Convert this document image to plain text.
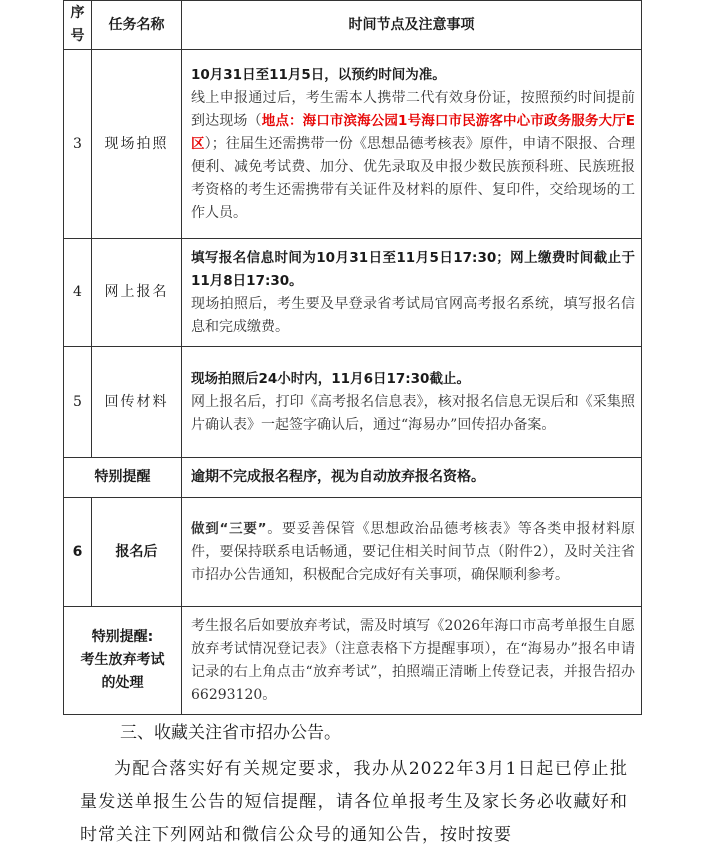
序号	任务名称	时间节点及注意事项
3	现场拍照	10月31日至11月5日，以预约时间为准。
线上申报通过后，考生需本人携带二代有效身份证，按照预约时间提前到达现场（地点：海口市滨海公园1号海口市民游客中心市政务服务大厅E区）；往届生还需携带一份《思想品德考核表》原件，申请不限报、合理便利、减免考试费、加分、优先录取及申报少数民族预科班、民族班报考资格的考生还需携带有关证件及材料的原件、复印件，交给现场的工作人员。

4	网上报名	填写报名信息时间为10月31日至11月5日17:30；网上缴费时间截止于11月8日17:30。
现场拍照后，考生要及早登录省考试局官网高考报名系统，填写报名信息和完成缴费。

5	回传材料	现场拍照后24小时内，11月6日17:30截止。
网上报名后，打印《高考报名信息表》，核对报名信息无误后和《采集照片确认表》一起签字确认后，通过“海易办”回传招办备案。

特别提醒		逾期不完成报名程序，视为自动放弃报名资格。
6	报名后	做到“三要”。要妥善保管《思想政治品德考核表》等各类申报材料原件，要保持联系电话畅通，要记住相关时间节点（附件2），及时关注省市招办公告通知，积极配合完成好有关事项，确保顺利参考。

特别提醒:
考生放弃考试
的处理		考生报名后如要放弃考试，需及时填写《2026年海口市高考单报生自愿放弃考试情况登记表》（注意表格下方提醒事项），在“海易办”报名申请记录的右上角点击“放弃考试”，拍照端正清晰上传登记表，并报告招办66293120。
三、收藏关注省市招办公告。
为配合落实好有关规定要求，我办从2022年3月1日起已停止批量发送单报生公告的短信提醒，请各位单报考生及家长务必收藏好和时常关注下列网站和微信公众号的通知公告，按时按要
